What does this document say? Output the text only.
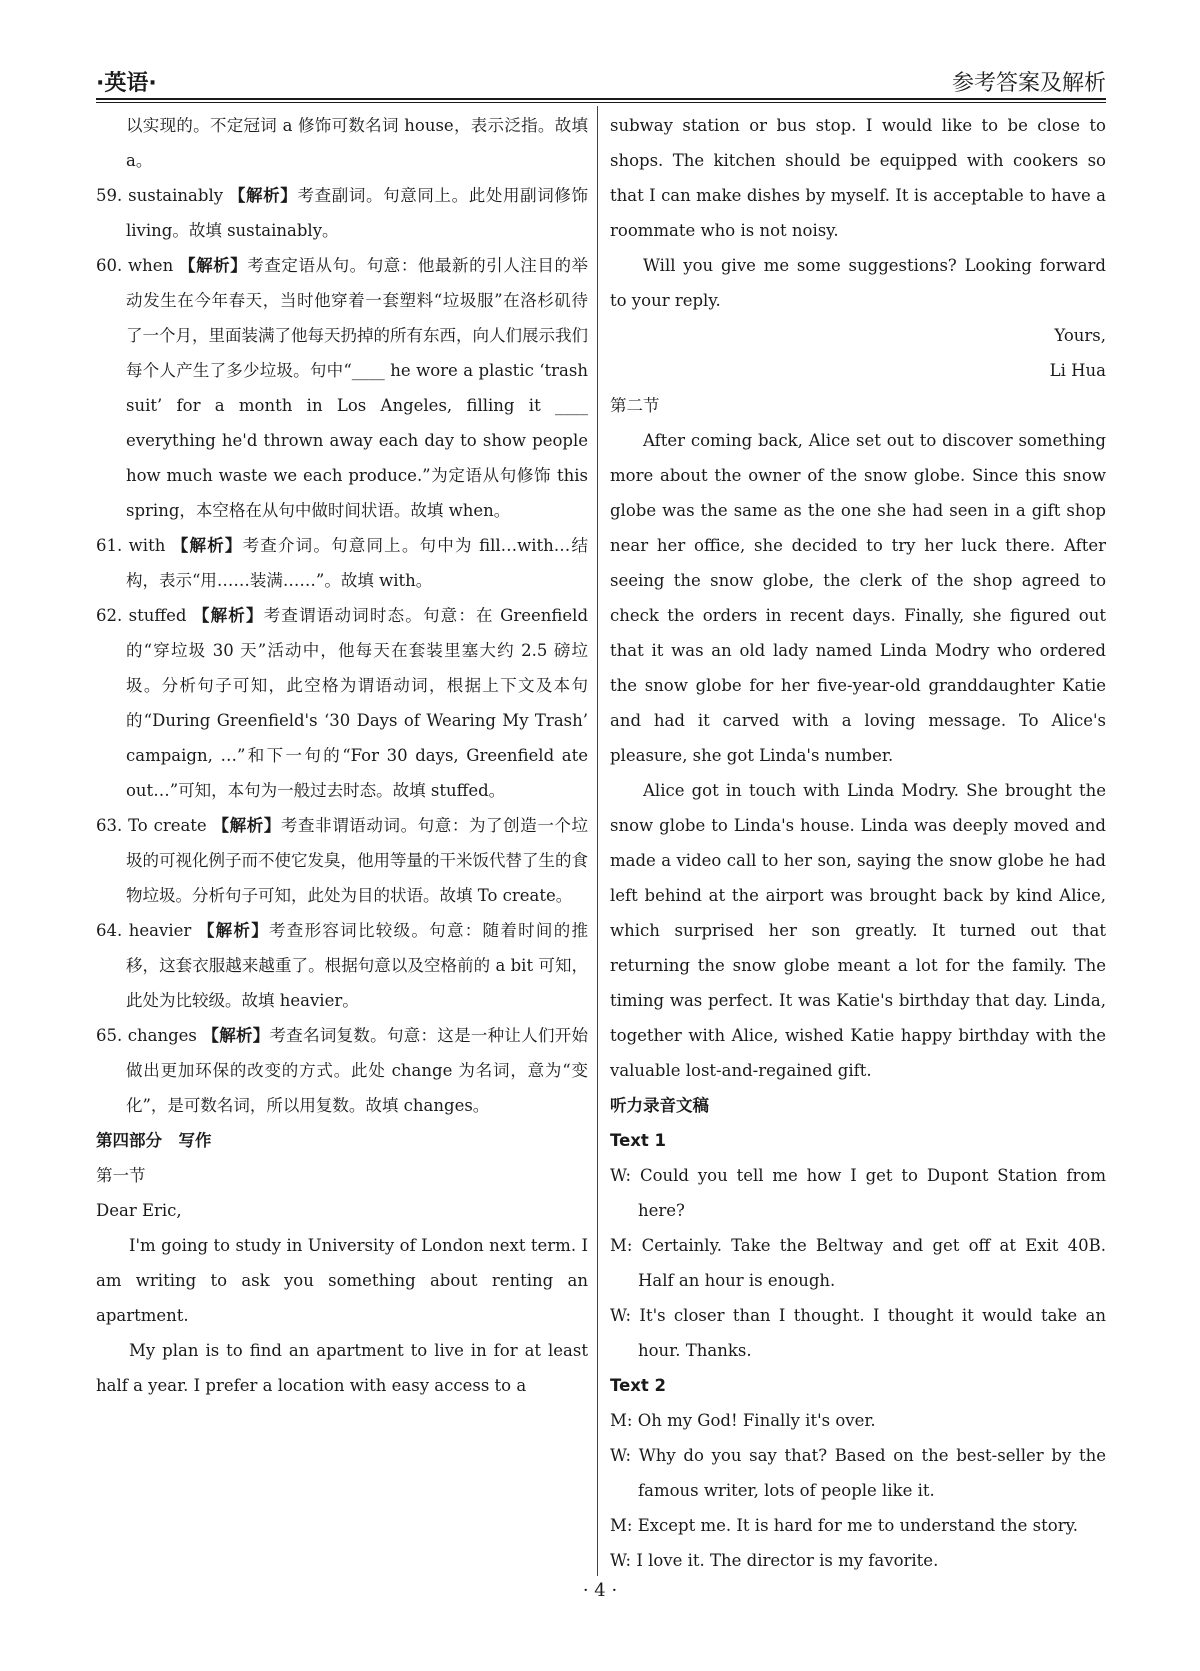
·英语·	参考答案及解析

以实现的。不定冠词 a 修饰可数名词 house，表示泛指。故填 a。

59. sustainably 【解析】考查副词。句意同上。此处用副词修饰 living。故填 sustainably。

60. when 【解析】考查定语从句。句意：他最新的引人注目的举动发生在今年春天，当时他穿着一套塑料“垃圾服”在洛杉矶待了一个月，里面装满了他每天扔掉的所有东西，向人们展示我们每个人产生了多少垃圾。句中“____ he wore a plastic ‘trash suit’ for a month in Los Angeles, filling it ____ everything he'd thrown away each day to show people how much waste we each produce.”为定语从句修饰 this spring，本空格在从句中做时间状语。故填 when。

61. with 【解析】考查介词。句意同上。句中为 fill…with…结构，表示“用……装满……”。故填 with。

62. stuffed 【解析】考查谓语动词时态。句意：在 Greenfield 的“穿垃圾 30 天”活动中，他每天在套装里塞大约 2.5 磅垃圾。分析句子可知，此空格为谓语动词，根据上下文及本句的“During Greenfield's ‘30 Days of Wearing My Trash’ campaign, …”和下一句的“For 30 days, Greenfield ate out…”可知，本句为一般过去时态。故填 stuffed。

63. To create 【解析】考查非谓语动词。句意：为了创造一个垃圾的可视化例子而不使它发臭，他用等量的干米饭代替了生的食物垃圾。分析句子可知，此处为目的状语。故填 To create。

64. heavier 【解析】考查形容词比较级。句意：随着时间的推移，这套衣服越来越重了。根据句意以及空格前的 a bit 可知，此处为比较级。故填 heavier。

65. changes 【解析】考查名词复数。句意：这是一种让人们开始做出更加环保的改变的方式。此处 change 为名词，意为“变化”，是可数名词，所以用复数。故填 changes。

第四部分　写作

第一节

Dear Eric,

I'm going to study in University of London next term. I am writing to ask you something about renting an apartment.

My plan is to find an apartment to live in for at least half a year. I prefer a location with easy access to a

subway station or bus stop. I would like to be close to shops. The kitchen should be equipped with cookers so that I can make dishes by myself. It is acceptable to have a roommate who is not noisy.

Will you give me some suggestions? Looking forward to your reply.

Yours,

Li Hua

第二节

After coming back, Alice set out to discover something more about the owner of the snow globe. Since this snow globe was the same as the one she had seen in a gift shop near her office, she decided to try her luck there. After seeing the snow globe, the clerk of the shop agreed to check the orders in recent days. Finally, she figured out that it was an old lady named Linda Modry who ordered the snow globe for her five-year-old granddaughter Katie and had it carved with a loving message. To Alice's pleasure, she got Linda's number.

Alice got in touch with Linda Modry. She brought the snow globe to Linda's house. Linda was deeply moved and made a video call to her son, saying the snow globe he had left behind at the airport was brought back by kind Alice, which surprised her son greatly. It turned out that returning the snow globe meant a lot for the family. The timing was perfect. It was Katie's birthday that day. Linda, together with Alice, wished Katie happy birthday with the valuable lost-and-regained gift.

听力录音文稿

Text 1

W: Could you tell me how I get to Dupont Station from here?

M: Certainly. Take the Beltway and get off at Exit 40B. Half an hour is enough.

W: It's closer than I thought. I thought it would take an hour. Thanks.

Text 2

M: Oh my God! Finally it's over.

W: Why do you say that? Based on the best-seller by the famous writer, lots of people like it.

M: Except me. It is hard for me to understand the story.

W: I love it. The director is my favorite.

· 4 ·
